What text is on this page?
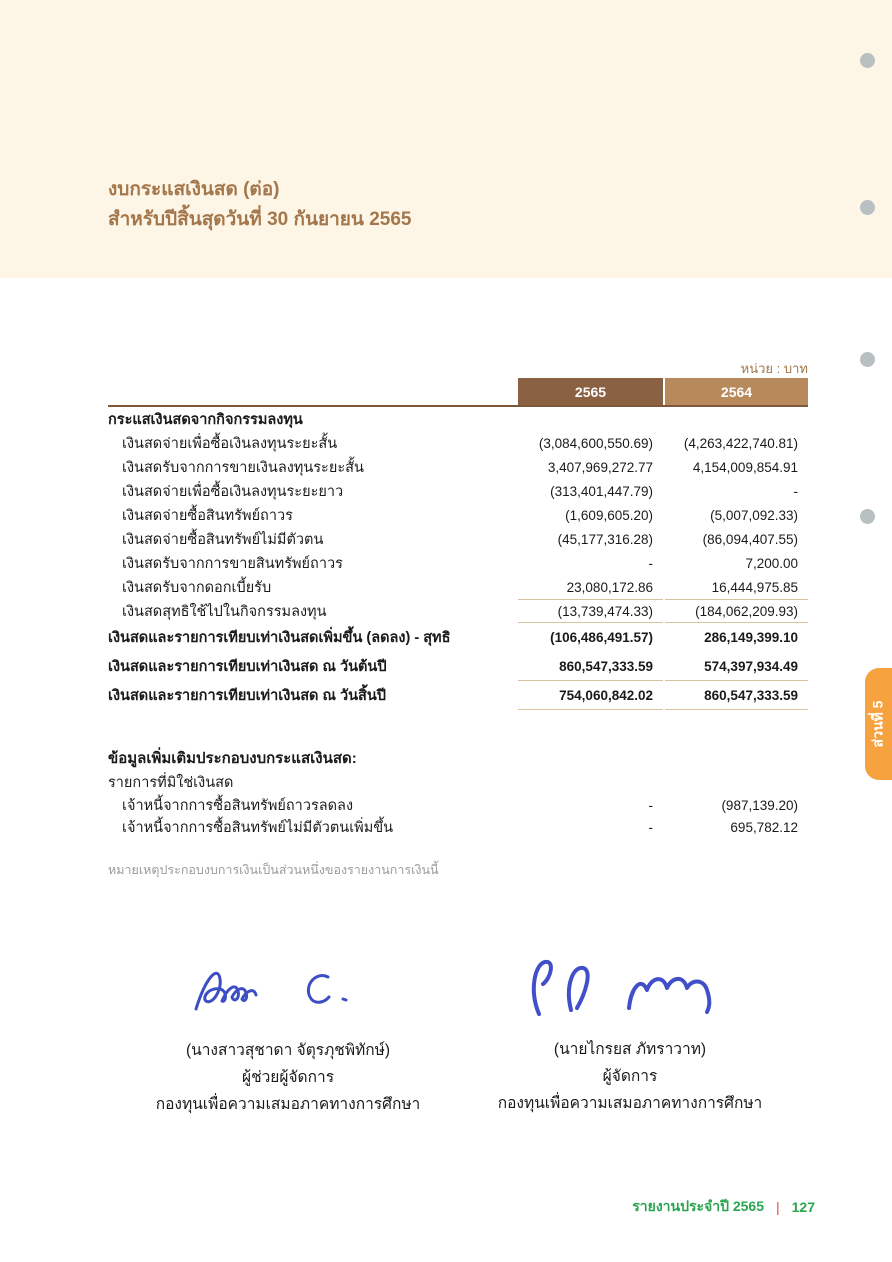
งบกระแสเงินสด (ต่อ)
สำหรับปีสิ้นสุดวันที่ 30 กันยายน 2565
ส่วนที่ 5
หน่วย : บาท
2565	2564
กระแสเงินสดจากกิจกรรมลงทุน
เงินสดจ่ายเพื่อซื้อเงินลงทุนระยะสั้น	(3,084,600,550.69)	(4,263,422,740.81)
เงินสดรับจากการขายเงินลงทุนระยะสั้น	3,407,969,272.77	4,154,009,854.91
เงินสดจ่ายเพื่อซื้อเงินลงทุนระยะยาว	(313,401,447.79)	-
เงินสดจ่ายซื้อสินทรัพย์ถาวร	(1,609,605.20)	(5,007,092.33)
เงินสดจ่ายซื้อสินทรัพย์ไม่มีตัวตน	(45,177,316.28)	(86,094,407.55)
เงินสดรับจากการขายสินทรัพย์ถาวร	-	7,200.00
เงินสดรับจากดอกเบี้ยรับ	23,080,172.86	16,444,975.85
เงินสดสุทธิใช้ไปในกิจกรรมลงทุน	(13,739,474.33)	(184,062,209.93)
เงินสดและรายการเทียบเท่าเงินสดเพิ่มขึ้น (ลดลง) - สุทธิ	(106,486,491.57)	286,149,399.10
เงินสดและรายการเทียบเท่าเงินสด ณ วันต้นปี	860,547,333.59	574,397,934.49
เงินสดและรายการเทียบเท่าเงินสด ณ วันสิ้นปี	754,060,842.02	860,547,333.59
ข้อมูลเพิ่มเติมประกอบงบกระแสเงินสด:
รายการที่มิใช่เงินสด
เจ้าหนี้จากการซื้อสินทรัพย์ถาวรลดลง	-	(987,139.20)
เจ้าหนี้จากการซื้อสินทรัพย์ไม่มีตัวตนเพิ่มขึ้น	-	695,782.12
หมายเหตุประกอบงบการเงินเป็นส่วนหนึ่งของรายงานการเงินนี้
(นางสาวสุชาดา จัตุรภุชพิทักษ์)
ผู้ช่วยผู้จัดการ
กองทุนเพื่อความเสมอภาคทางการศึกษา
(นายไกรยส ภัทราวาท)
ผู้จัดการ
กองทุนเพื่อความเสมอภาคทางการศึกษา
รายงานประจำปี 2565 | 127
